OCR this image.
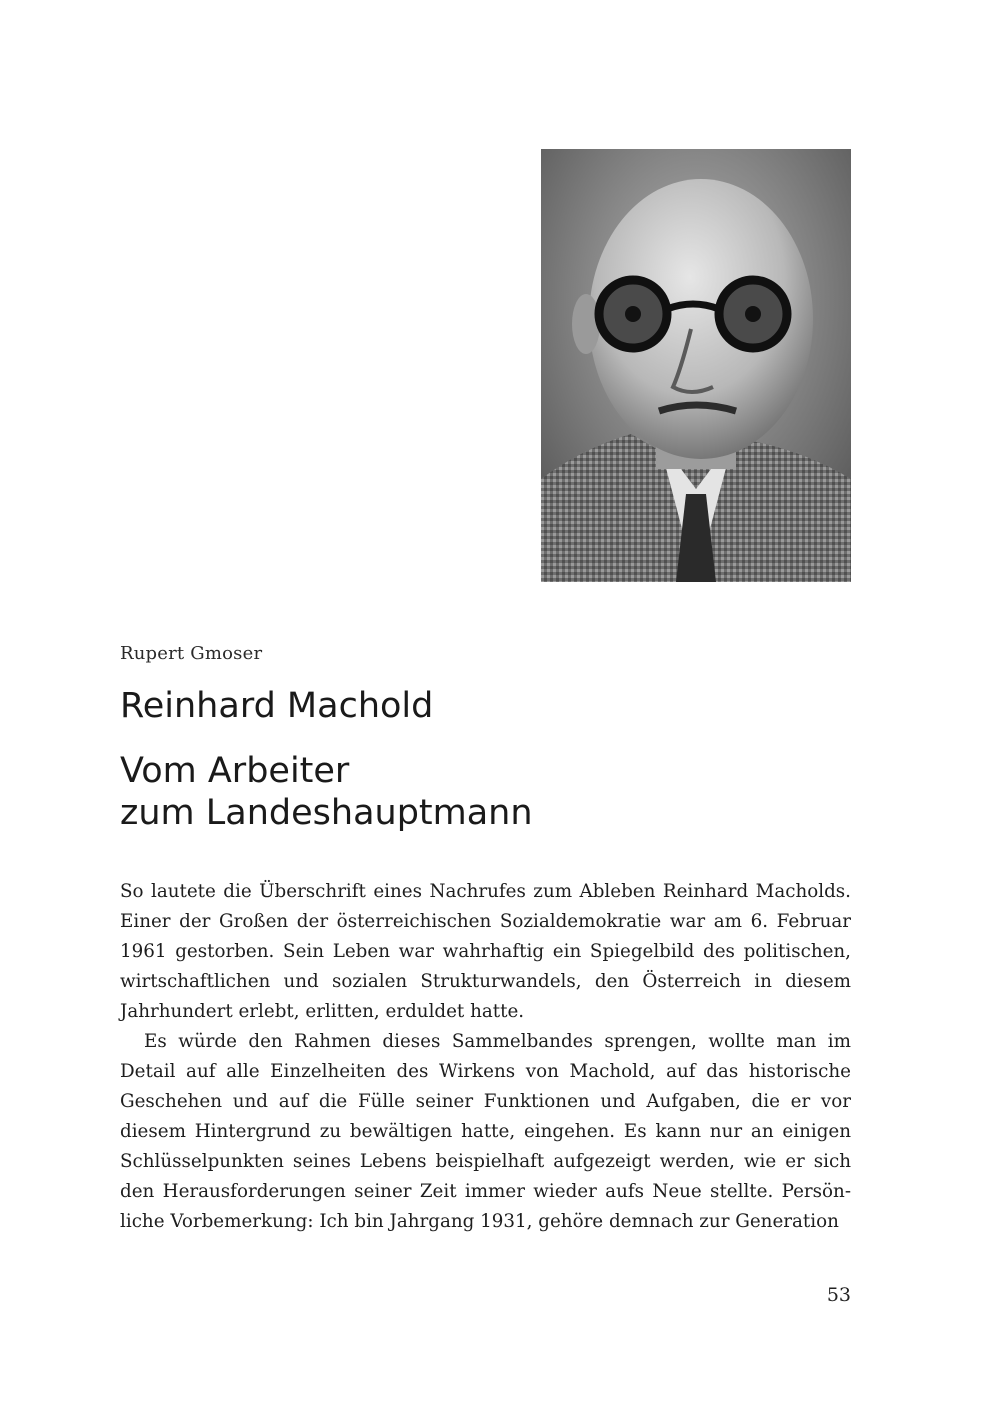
Rupert Gmoser
Reinhard Machold
Vom Arbeiter
zum Landeshauptmann

So lautete die Überschrift eines Nachrufes zum Ableben Reinhard Macholds. Einer der Großen der österreichischen Sozialdemokratie war am 6. Februar 1961 gestorben. Sein Leben war wahrhaftig ein Spiegelbild des politischen, wirtschaftlichen und sozialen Strukturwandels, den Österreich in diesem Jahrhundert erlebt, erlitten, erduldet hatte.

Es würde den Rahmen dieses Sammelbandes sprengen, wollte man im Detail auf alle Einzelheiten des Wirkens von Machold, auf das historische Geschehen und auf die Fülle seiner Funktionen und Aufgaben, die er vor diesem Hintergrund zu bewältigen hatte, eingehen. Es kann nur an einigen Schlüsselpunkten seines Lebens beispielhaft aufgezeigt werden, wie er sich den Herausforderungen seiner Zeit immer wieder aufs Neue stellte. Persönliche Vorbemerkung: Ich bin Jahrgang 1931, gehöre demnach zur Generation

53
